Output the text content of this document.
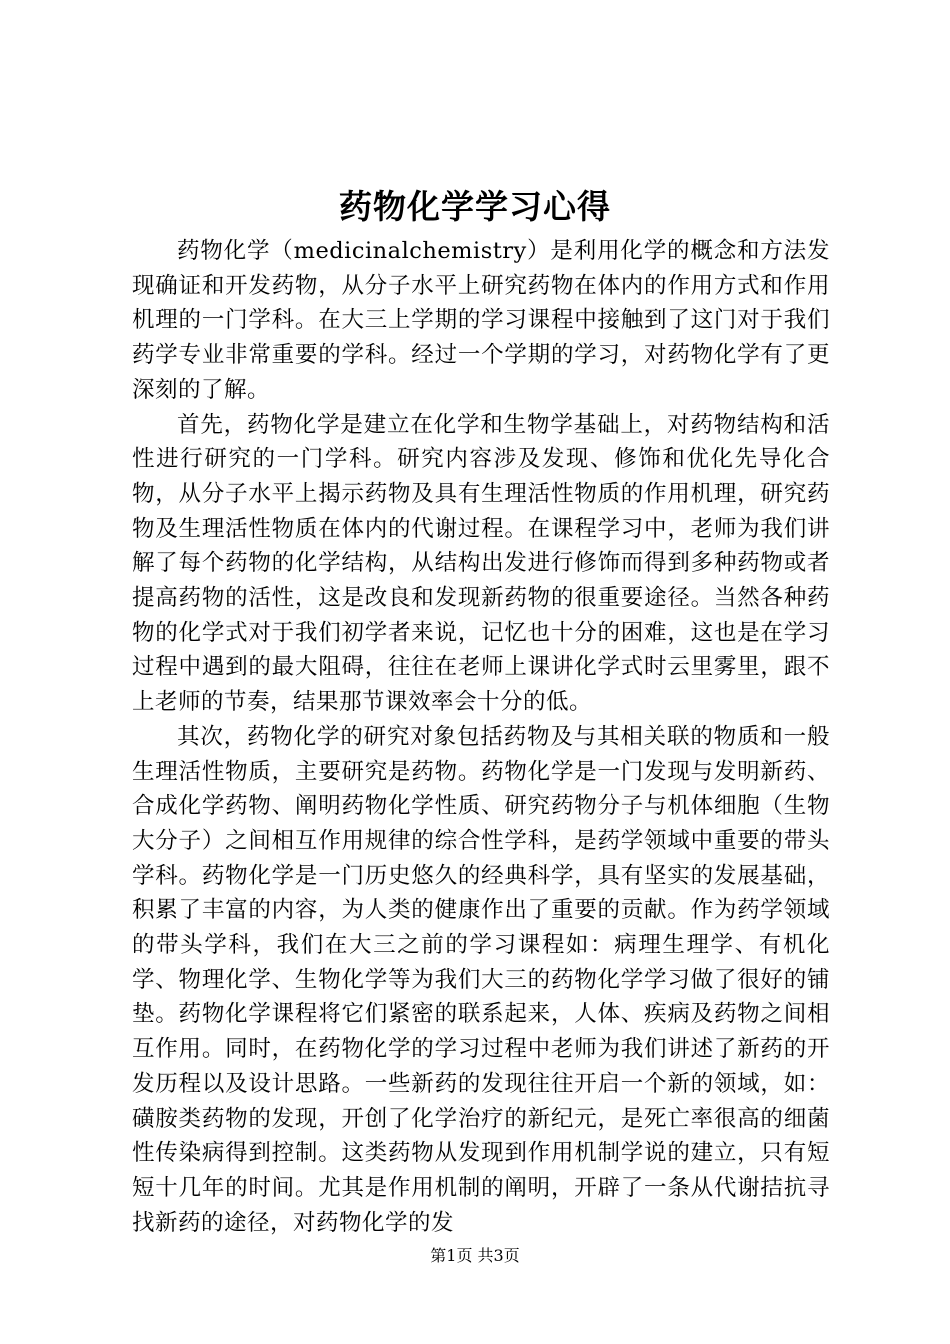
药物化学学习心得

药物化学（medicinalchemistry）是利用化学的概念和方法发现确证和开发药物，从分子水平上研究药物在体内的作用方式和作用机理的一门学科。在大三上学期的学习课程中接触到了这门对于我们药学专业非常重要的学科。经过一个学期的学习，对药物化学有了更深刻的了解。

首先，药物化学是建立在化学和生物学基础上，对药物结构和活性进行研究的一门学科。研究内容涉及发现、修饰和优化先导化合物，从分子水平上揭示药物及具有生理活性物质的作用机理，研究药物及生理活性物质在体内的代谢过程。在课程学习中，老师为我们讲解了每个药物的化学结构，从结构出发进行修饰而得到多种药物或者提高药物的活性，这是改良和发现新药物的很重要途径。当然各种药物的化学式对于我们初学者来说，记忆也十分的困难，这也是在学习过程中遇到的最大阻碍，往往在老师上课讲化学式时云里雾里，跟不上老师的节奏，结果那节课效率会十分的低。

其次，药物化学的研究对象包括药物及与其相关联的物质和一般生理活性物质，主要研究是药物。药物化学是一门发现与发明新药、合成化学药物、阐明药物化学性质、研究药物分子与机体细胞（生物大分子）之间相互作用规律的综合性学科，是药学领域中重要的带头学科。药物化学是一门历史悠久的经典科学，具有坚实的发展基础，积累了丰富的内容，为人类的健康作出了重要的贡献。作为药学领域的带头学科，我们在大三之前的学习课程如：病理生理学、有机化学、物理化学、生物化学等为我们大三的药物化学学习做了很好的铺垫。药物化学课程将它们紧密的联系起来，人体、疾病及药物之间相互作用。同时，在药物化学的学习过程中老师为我们讲述了新药的开发历程以及设计思路。一些新药的发现往往开启一个新的领域，如：磺胺类药物的发现，开创了化学治疗的新纪元，是死亡率很高的细菌性传染病得到控制。这类药物从发现到作用机制学说的建立，只有短短十几年的时间。尤其是作用机制的阐明，开辟了一条从代谢拮抗寻找新药的途径，对药物化学的发

第1页 共3页
